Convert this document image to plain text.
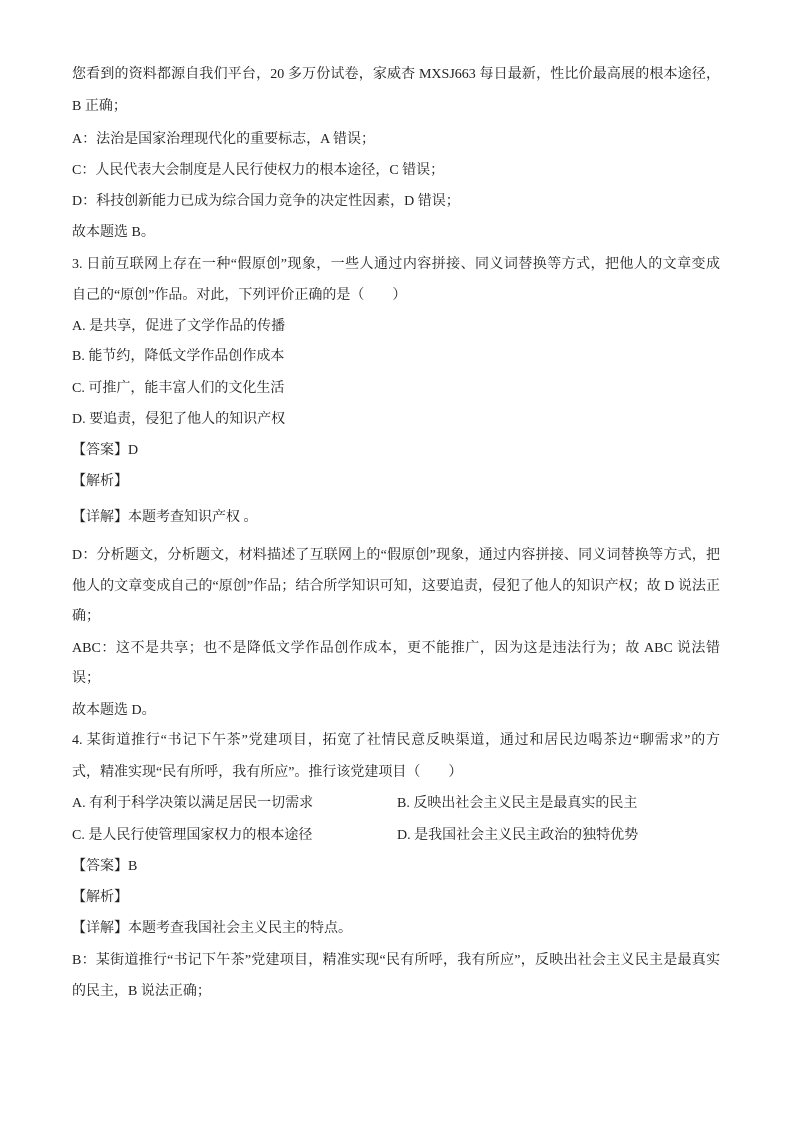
您看到的资料都源自我们平台，20 多万份试卷，家威杏 MXSJ663 每日最新，性比价最高展的根本途径，
B 正确；
A：法治是国家治理现代化的重要标志，A 错误；
C：人民代表大会制度是人民行使权力的根本途径，C 错误；
D：科技创新能力已成为综合国力竞争的决定性因素，D 错误；
故本题选 B。
3. 日前互联网上存在一种“假原创”现象，一些人通过内容拼接、同义词替换等方式，把他人的文章变成
自己的“原创”作品。对此，下列评价正确的是（　　）
A. 是共享，促进了文学作品的传播
B. 能节约，降低文学作品创作成本
C. 可推广，能丰富人们的文化生活
D. 要追责，侵犯了他人的知识产权
【答案】D
【解析】
【详解】本题考查知识产权 。
D：分析题文，分析题文，材料描述了互联网上的“假原创”现象，通过内容拼接、同义词替换等方式，把
他人的文章变成自己的“原创”作品；结合所学知识可知，这要追责，侵犯了他人的知识产权；故 D 说法正
确；
ABC：这不是共享；也不是降低文学作品创作成本，更不能推广，因为这是违法行为；故 ABC 说法错
误；
故本题选 D。
4. 某街道推行“书记下午茶”党建项目，拓宽了社情民意反映渠道，通过和居民边喝茶边“聊需求”的方
式，精准实现“民有所呼，我有所应”。推行该党建项目（　　）
A. 有利于科学决策以满足居民一切需求	B. 反映出社会主义民主是最真实的民主
C. 是人民行使管理国家权力的根本途径	D. 是我国社会主义民主政治的独特优势
【答案】B
【解析】
【详解】本题考查我国社会主义民主的特点。
B：某街道推行“书记下午茶”党建项目，精准实现“民有所呼，我有所应”，反映出社会主义民主是最真实
的民主，B 说法正确；
